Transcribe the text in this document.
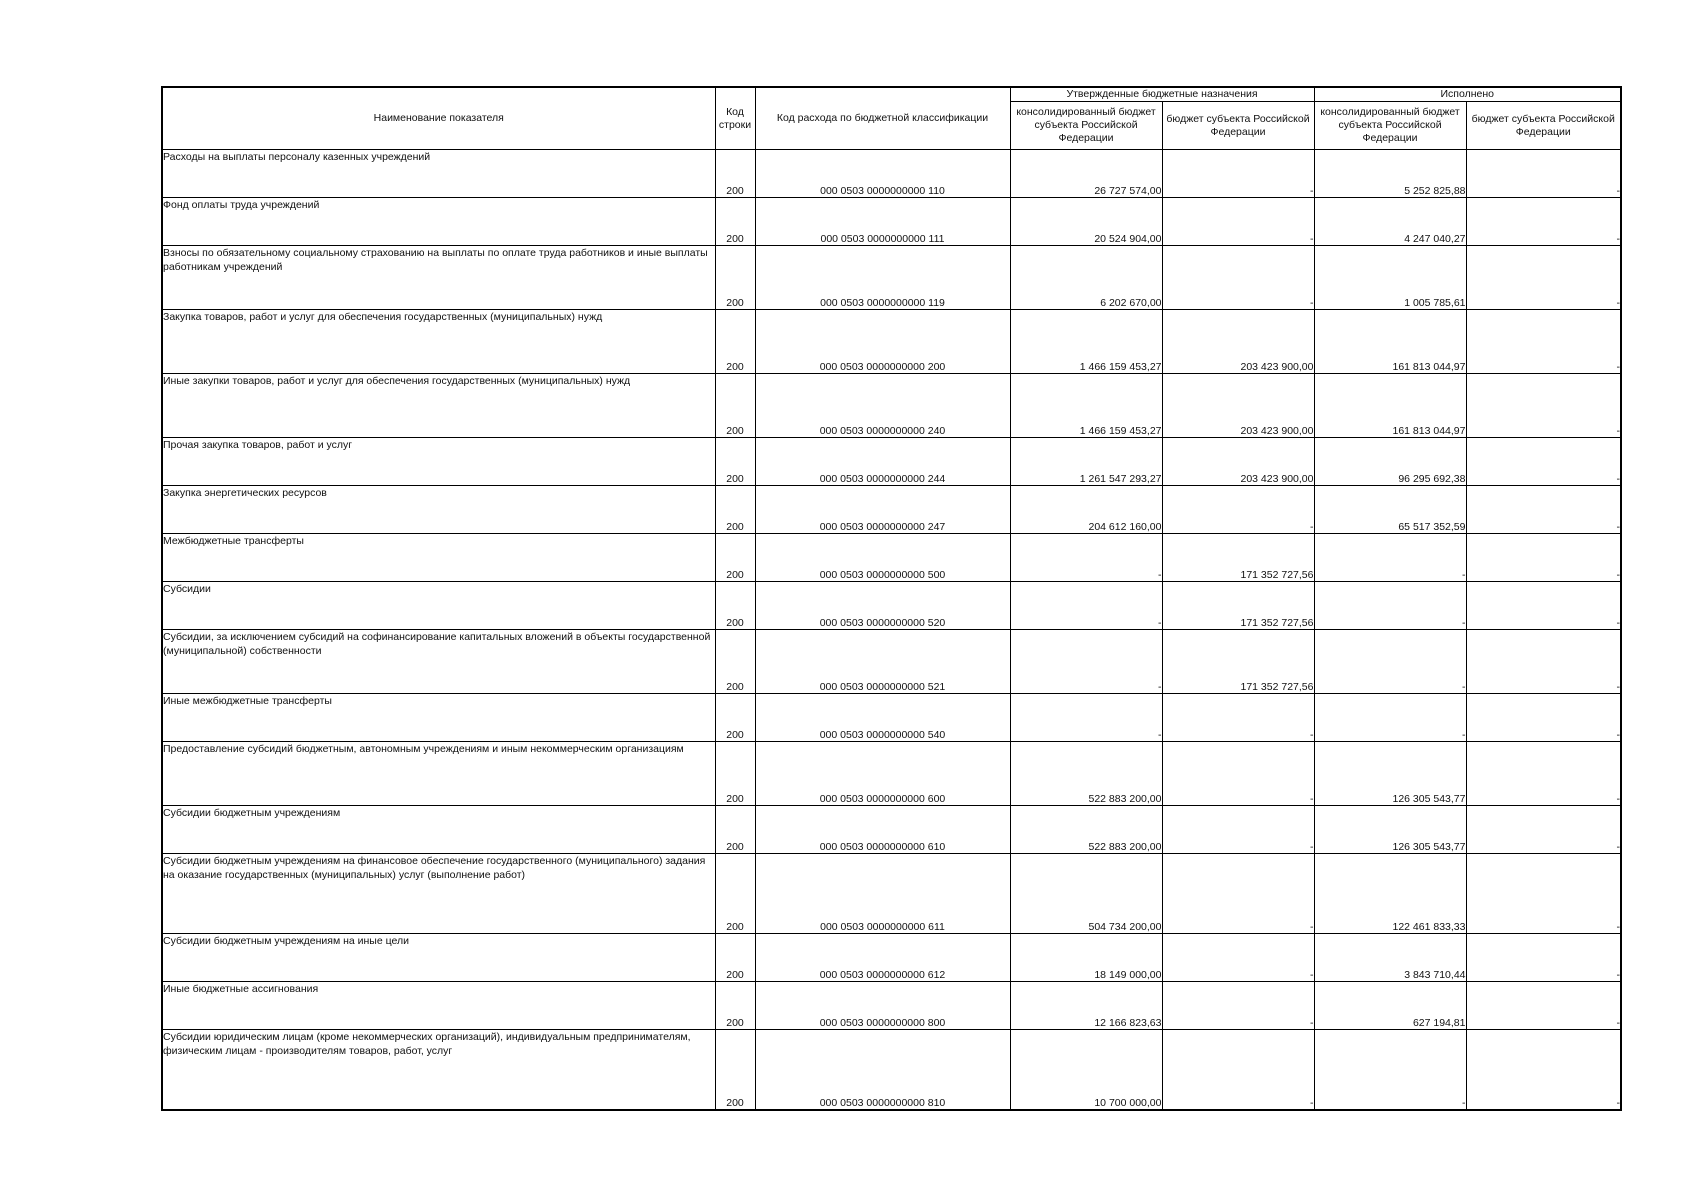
Наименование показателя	Код строки	Код расхода по бюджетной классификации	Утвержденные бюджетные назначения		Исполнено	
			консолидированный бюджет субъекта Российской Федерации	бюджет субъекта Российской Федерации	консолидированный бюджет субъекта Российской Федерации	бюджет субъекта Российской Федерации
Расходы на выплаты персоналу казенных учреждений	200	000 0503 0000000000 110	26 727 574,00	-	5 252 825,88	-
Фонд оплаты труда учреждений	200	000 0503 0000000000 111	20 524 904,00	-	4 247 040,27	-
Взносы по обязательному социальному страхованию на выплаты по оплате труда работников и иные выплаты работникам учреждений	200	000 0503 0000000000 119	6 202 670,00	-	1 005 785,61	-
Закупка товаров, работ и услуг для обеспечения государственных (муниципальных) нужд	200	000 0503 0000000000 200	1 466 159 453,27	203 423 900,00	161 813 044,97	-
Иные закупки товаров, работ и услуг для обеспечения государственных (муниципальных) нужд	200	000 0503 0000000000 240	1 466 159 453,27	203 423 900,00	161 813 044,97	-
Прочая закупка товаров, работ и услуг	200	000 0503 0000000000 244	1 261 547 293,27	203 423 900,00	96 295 692,38	-
Закупка энергетических ресурсов	200	000 0503 0000000000 247	204 612 160,00	-	65 517 352,59	-
Межбюджетные трансферты	200	000 0503 0000000000 500	-	171 352 727,56	-	-
Субсидии	200	000 0503 0000000000 520	-	171 352 727,56	-	-
Субсидии, за исключением субсидий на софинансирование капитальных вложений в объекты государственной (муниципальной) собственности	200	000 0503 0000000000 521	-	171 352 727,56	-	-
Иные межбюджетные трансферты	200	000 0503 0000000000 540	-	-	-	-
Предоставление субсидий бюджетным, автономным учреждениям и иным некоммерческим организациям	200	000 0503 0000000000 600	522 883 200,00	-	126 305 543,77	-
Субсидии бюджетным учреждениям	200	000 0503 0000000000 610	522 883 200,00	-	126 305 543,77	-
Субсидии бюджетным учреждениям на финансовое обеспечение государственного (муниципального) задания на оказание государственных (муниципальных) услуг (выполнение работ)	200	000 0503 0000000000 611	504 734 200,00	-	122 461 833,33	-
Субсидии бюджетным учреждениям на иные цели	200	000 0503 0000000000 612	18 149 000,00	-	3 843 710,44	-
Иные бюджетные ассигнования	200	000 0503 0000000000 800	12 166 823,63	-	627 194,81	-
Субсидии юридическим лицам (кроме некоммерческих организаций), индивидуальным предпринимателям, физическим лицам - производителям товаров, работ, услуг	200	000 0503 0000000000 810	10 700 000,00	-	-	-
